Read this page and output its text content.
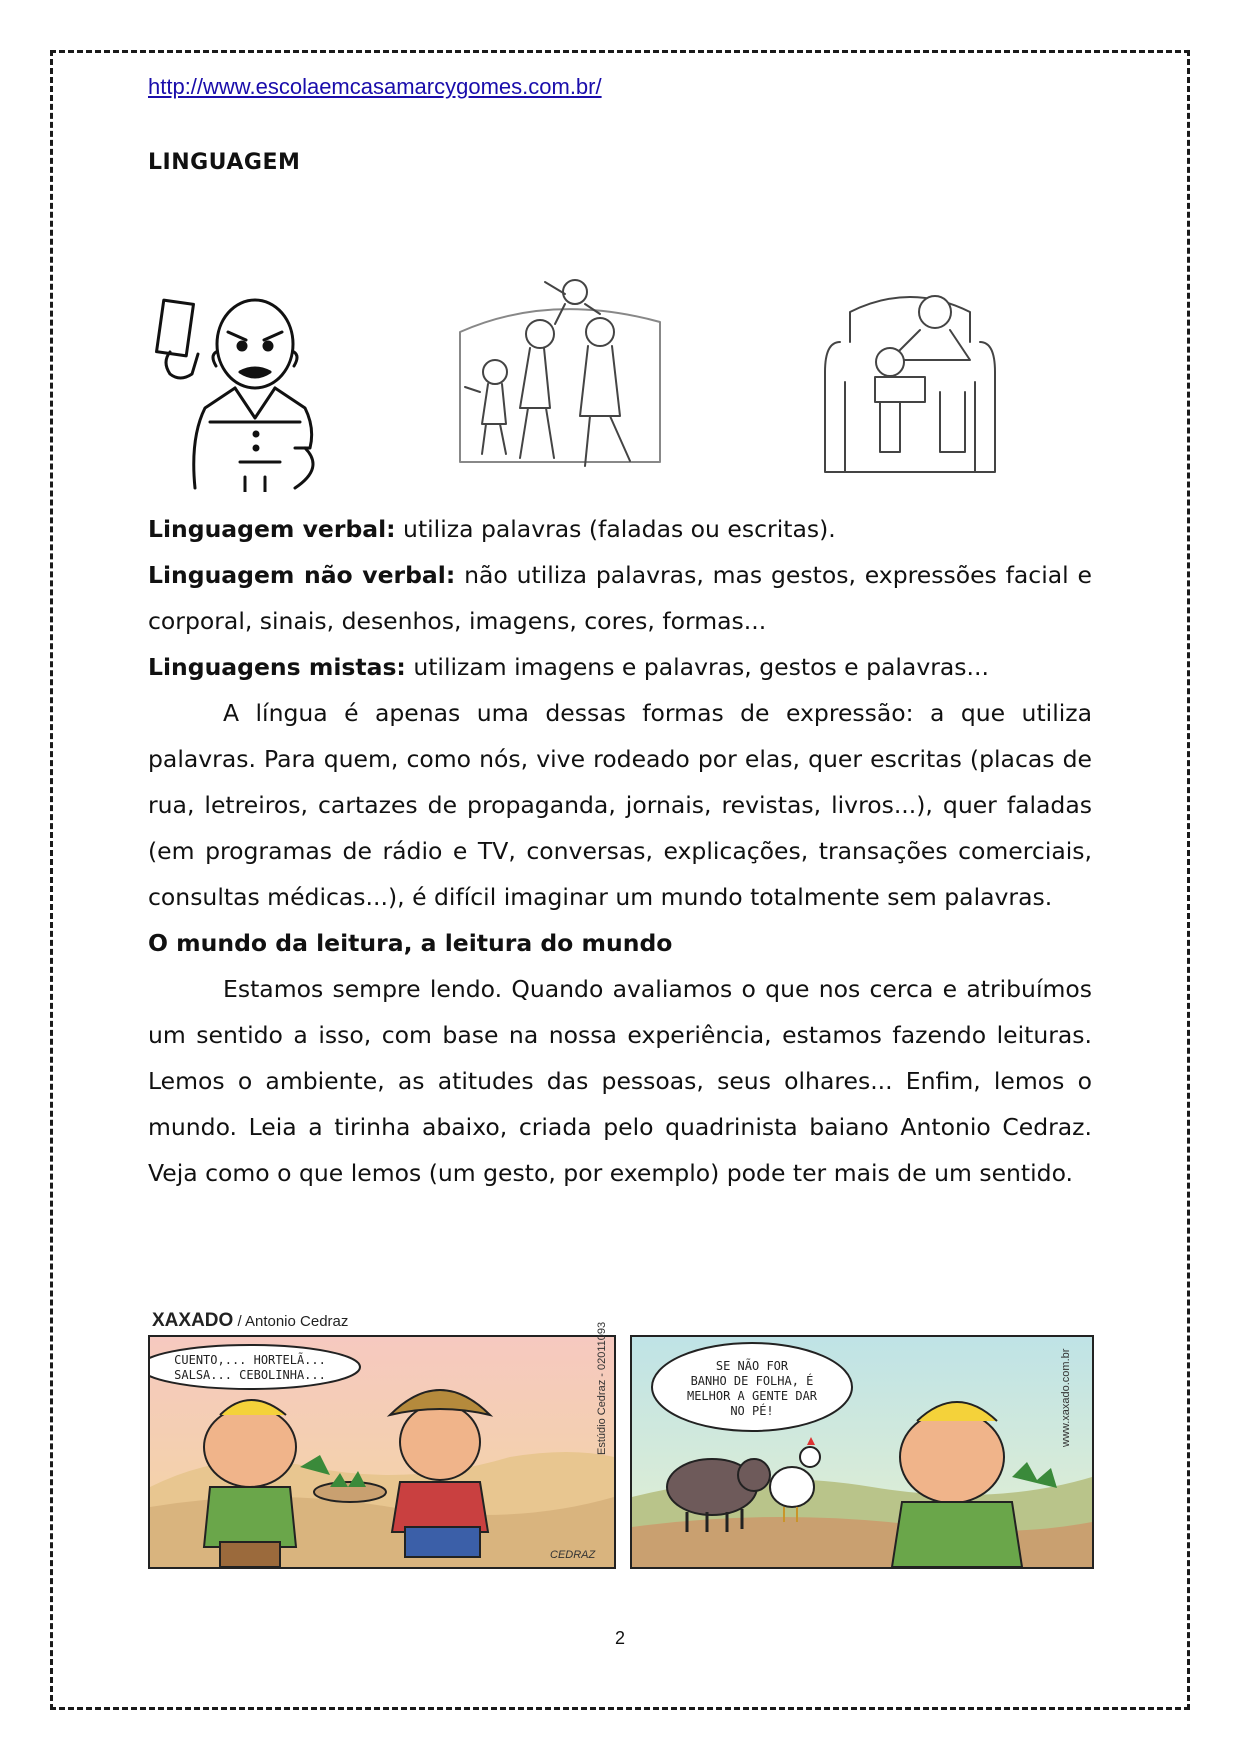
http://www.escolaemcasamarcygomes.com.br/
LINGUAGEM

Linguagem verbal: utiliza palavras (faladas ou escritas).

Linguagem não verbal: não utiliza palavras, mas gestos, expressões facial e corporal, sinais, desenhos, imagens, cores, formas...

Linguagens mistas: utilizam imagens e palavras, gestos e palavras...

A língua é apenas uma dessas formas de expressão: a que utiliza palavras. Para quem, como nós, vive rodeado por elas, quer escritas (placas de rua, letreiros, cartazes de propaganda, jornais, revistas, livros...), quer faladas (em programas de rádio e TV, conversas, explicações, transações comerciais, consultas médicas...), é difícil imaginar um mundo totalmente sem palavras.

O mundo da leitura, a leitura do mundo

Estamos sempre lendo. Quando avaliamos o que nos cerca e atribuímos um sentido a isso, com base na nossa experiência, estamos fazendo leituras. Lemos o ambiente, as atitudes das pessoas, seus olhares... Enfim, lemos o mundo. Leia a tirinha abaixo, criada pelo quadrinista baiano Antonio Cedraz. Veja como o que lemos (um gesto, por exemplo) pode ter mais de um sentido.

XAXADO / Antonio Cedraz
CUENTO,... HORTELÃ...
SALSA... CEBOLINHA...
CEDRAZ
Estúdio Cedraz - 02011093	SE NÃO FOR
BANHO DE FOLHA, É
MELHOR A GENTE DAR
NO PÉ!	www.xaxado.com.br
2
